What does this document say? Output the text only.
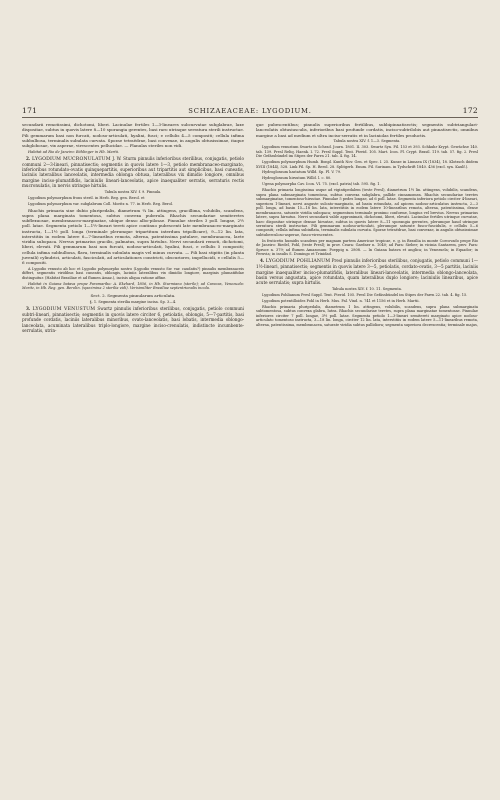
171	SCHIZAEACEAE: LYGODIUM.	172

secundarii remotissimi, dichotomi, liberi. Lacinulae fertiles 1—3-lineares subcurvatae subglabrae, laxe dispositae, subtus in quovis latere 8—10 sporangia gerentes, basi raro utrinque serratura sterili instructae. Pili gemmarum basi non furcati, nodoso-articulati, hyalini, fusci; e cellulis 4—5 compositi; cellula infima subbulbosa, terminalis subulata curvata. Sporae tetraëdrae, basi convexae, in angulis obtusissimae, itaque subglobosae, vix asperae, virescentes pellucidae. — Planulas steriles non vidi.

Habitat ad Rio de Janeiro: Böhlinger in Hb. Martii.

2. LYGODIUM MUCRONULATUM J. W. Sturm pinnulis inferioribus sterilibus, conjugatis, petiolo communi 2—3-lineari, pinnatisectis; segmentis in quovis latere 1—3, petiolo membranaceo-marginato, inferioribus rotundato-ovatis quinquepartitis, superioribus aut tripartitis aut simplicibus, basi cuneatis, laciniis lateralibus lanceolatis, intermedia oblonga obtusa, lateralibus vix dimidio longiore, omnibus margine inciso-plumatifidis, laciniulis lineari-lanceolatis, apice inaequaliter serratis, serraturis rectis mucronulatis, in nervis utrinque hirtulis.

Tabula nostra XIV. f. 9. Pinnula.

Lygodium polymorphum frons steril. in Herb. Reg. gen. Berol. et

Lygodium polymorphum var. subglabrum Coll. Moritz n. 77. in Herb. Reg. Berol.

Rhachis primaria sine dubio pluripedalis, diametrum ¼ lin. attingens, gracillima, volubilis, scandens, supra plana marginata tomentosa, subtus convexa puberula. Rhachis secundariae semiteretes subflexuosae, membranaceo-marginatae, ubique denso albo-pilosae. Pinnulae steriles 3 poll. longae, 2½ poll. latae. Segmenta petiolo 1—1½-lineari tereti apice continuo pubescenti late membranaceo-marginato instructa, 1—1½ poll. longa (terminale plerumque tripartitum interdum tripollicare), 9—12 lin. lata, interstitiis in eodem latere 6—7-linearibus remota, alterna, patentissima patulave, membranacea, laete viridia subopaca. Nervus primarius gracilis, palmatus, supra hirtulus. Nervi secundarii remoti, dichotomi, liberi, elevati. Pili gemmarum basi non furcati, nodoso-articulati, hyalini, fusci, e cellulis 5 compositi; cellula infima subbulbosa, flava, terminalis subulata magis vel minus curvata. — Pili basi stipitis (in planta juvenili) cylindrici, articulati, fasciculati, ad articulationes constricti, obscuriores, impellucidi, e cellulis 5—6 compositi.

A Lygodio venusto ab hoc et Lygodio polymorpho nostro (Lygodio venusto Sw. var. caudatis?) pinnulis membranaceis differt, segmentis viridibus basi cuneatis, oblongis, laciniis lateralibus vix dimidio longiore, marginis plumatifidae distinguitur. (Habitat Brasiliae et ad flumen Amaz.), incisis aliqua ratione affine.

Habitat in Guiana batava prope Paramaribo: A. Ekehard, 1856, in Hb. Sturmiano (sterile); ad Caracas, Venezuela: Moritz, in Hb. Reg. gen. Berolin. (specimina 2 sterilia vidi). Verisimiliter Brasiliae septentrionalis incola.

Sect. 2. Segmenta pinnularum articulata.

§. 1. Segmenta sterilia margine incisa. Sp. 3—4.

3. LYGODIUM VENUSTUM Swartz pinnulis inferioribus sterilibus, conjugatis, petiolo communi subtri-lineari, pinnatisectis; segmentis in quovis latere circiter 6, petiolatis, oblongis, 5—7-partitis, basi profunde cordatis, laciniis lateralibus minoribus, ovato-lanceolatis, basi lobatis, intermedia oblongo-lanceolata, acuminata lateralibus triplo-longiore, margine inciso-crenulatis, indistincte incumbente-serrulatis, utrin-

que pubescentibus; pinnulis superioribus fertilibus, subbipinnatisectis; segmentis subtriangulari-lanceolatis obtusiusculis, inferioribus basi profunde cordatis, inciso-subtrilobis aut pinnatisectis, omnibus margine a basi ad medium et ultra inciso-serratis et in laciniolas fertiles productis.

Tabula nostra XIV. f. 1—3. Segmenta.

Lygodium venustum Swartz in Schrad. Journ. 1801. II. 303. Swartz Syn. Fil. 153 et 393. Schkuhr Krypt. Gewächse 140. tab. 139. Presl Reliq. Haenk. I. 72. Presl Suppl. Tent. Pterid. 105. Mart. Icon. Pl. Crypt. Brasil. 119. tab. 57. fig. 2. Presl Die Gefässbündel im Stipes der Farrn 21. tab. 4. fig. 14.

Lygodium polymorphum Humb. Bonpl. Kunth Nov. Gen. et Spec. I. 25. Kunze in Linnaea IX (1834), 18. Klotzsch ibidem XVIII (1844), 528. Link Fil. Sp. H. Berol. 28. Splitgerb. Enum. Fil. Surinam. in Tydschrift 1840. 436 (excl. syn. Kaulf.).

Hydroglossum hastatum Willd. Sp. Pl. V. 79.

Hydroglossum hirsutum Willd. l. c. 80.

Ugena polymorpha Cav. Icon. VI. 75. (excl. patria) tab. 595. fig. 1.

Rhachis primaria longissima usque ad vigintipedalem (teste Presl), diametrum 1½ lin. attingens, volubilis, scandens, supra plana submarginata tomentosa, subtus convexa subglabra, pallide cinnamomea. Rhachis secundariae teretes submarginatae, tomentoso-hirsutae. Pinnulae 5 pedes longae, ad 6 poll. latae. Segmenta inferiora petiolo circiter 4-lineari, superiora 1-lineari, nervi anguste sulcato-marginato, ad basin rotundata, ad apicem nodoso-articulatus instructa, 2—3 poll. longa, ad basin 15—18 lin. lata, interstitiis in eodem latere 10-linearibus remota, alterna, patentissima, dense membranacea, saturate viridia subopaca; segmentum terminale proximo conforme, longius vel brevius. Nervus primarius latere, supra hirsutus. Nervi secundarii valde approximati, dichotomi, liberi, elevati. Lacinulae fertiles utrinque curvatae, haec dispositae utrinque densae hirsutae, subtus in quovis latere 8—11 sporangia gerentes, plerumque haud utrinque serratura sterili instructae. Pili gemmarum nodoso-articulati, plerumque saturate fusco-fuscidulis, e cellulis 5—6 compositi; cellula infima subinflata, terminalis subulata curvata. Sporae tetraëdrae, basi convexae, in angulis obtusissimae subtuberculoso-asperae, fusco-virescentes.

In fruticetis humidis scandens per magnam partem Americae tropicae, e. g. in Brasilia in monte Corcovado prope Rio de Janeiro: Riedel, Pohl, (teste Presl); in prov. Ceara: Gardner n. 1040; ad Para: Sieber; in vicinia Santarem, prov. Para: Spruce n. 379; ad flumen Amazonum: Poeppig n. 2808. — In Guiana batava et anglica; in Venezuela; in Equador; in Peruvia; in insulis S. Domingo et Trinidad.

4. LYGODIUM POHLIANUM Presl pinnulis inferioribus sterilibus, conjugatis, petiolo communi 1—1½-lineari, pinnatisectis; segmentis in quovis latere 3—5, petiolatis, cordato-ovatis, 3—5 partitis, laciniis margine inaequaliter inciso-plumatifidis, lateralibus lineari-lanceolatis, intermedia oblongo-lanceolata, basin versus angustata, apice rotundata, quam lateralibus duplo longiore; laciniulis linearibus, apice acute serrulatis; supra hirtulis.

Tabula nostra XIV. f. 10. 11. Segmenta.

Lygodium Pohlianum Presl Suppl. Tent. Pterid. 105. Presl Die Gefässbündel im Stipes der Farrn 22. tab. 4. fig. 15.

Lygodium potentilloides Pohl in Herb. Mus. Pal. Vind. n. 741 et 1156 et in Herb. Martii.

Rhachis primaria pluripedalis, diametrum 1 lin. attingens, volubilis, scandens, supra plana submarginata subtomentosa, subtus convexa glabra, lutea. Rhachis secundariae teretes, supra plana marginatae tomentosae. Pinnulae inferiores circiter 7 poll. longae, 3½ poll. latae. Segmenta petiolo 1—3-lineari semitereti marginato apice nodoso-articulato tomentoso instructa, 3—18 lin. longa, circiter 12 lin. lata, interstitiis in eodem latere 5—11-linearibus remota, alterna, patentissima, membranacea, saturate viridia subtus pallidiora; segmenta superiora decrescentia; terminale majus,
